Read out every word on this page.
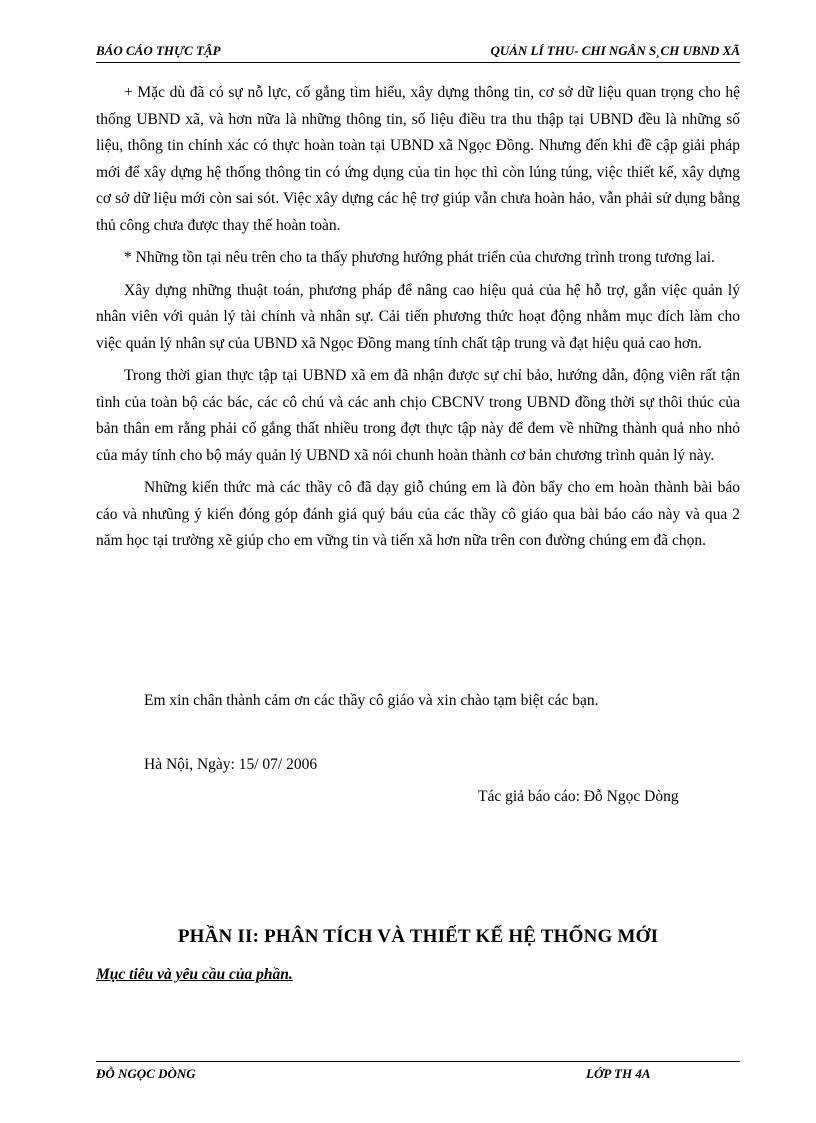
BÁO CÁO THỰC TẬP	QUẢN LÍ THU- CHI NGÂN S¸CH UBND XÃ

+ Mặc dù đã có sự nỗ lực, cố gắng tìm hiểu, xây dựng thông tin, cơ sở dữ liệu quan trọng cho hệ thống UBND xã, và hơn nữa là những thông tin, số liệu điều tra thu thập tại UBND đều là những số liệu, thông tin chính xác có thực hoàn toàn tại UBND xã Ngọc Đồng. Nhưng đến khi đề cập giải pháp mới để xây dựng hệ thống thông tin có ứng dụng của tin học thì còn lúng túng, việc thiết kế, xây dựng cơ sở dữ liệu mới còn sai sót. Việc xây dựng các hệ trợ giúp vẫn chưa hoàn hảo, vẫn phải sử dụng bằng thủ công chưa được thay thế hoàn toàn.

* Những tồn tại nêu trên cho ta thấy phương hướng phát triển của chương trình trong tương lai.

Xây dựng những thuật toán, phương pháp để nâng cao hiệu quả của hệ hỗ trợ, gắn việc quản lý nhân viên với quản lý tài chính và nhân sự. Cải tiến phương thức hoạt động nhằm mục đích làm cho việc quản lý nhân sự của UBND xã Ngọc Đồng mang tính chất tập trung và đạt hiệu quả cao hơn.

Trong thời gian thực tập tại UBND xã em đã nhận được sự chỉ bảo, hướng dẫn, động viên rất tận tình của toàn bộ các bác, các cô chú và các anh chịo CBCNV trong UBND đồng thời sự thôi thúc của bản thân em rằng phải cố gắng thất nhiều trong đợt thực tập này để đem về những thành quả nho nhỏ của máy tính cho bộ máy quản lý UBND xã nói chunh hoàn thành cơ bản chương trình quản lý này.

Những kiến thức mà các thầy cô đã dạy giỗ chúng em là đòn bẩy cho em hoàn thành bài báo cáo và nhưũng ý kiến đóng góp đánh giá quý báu của các thầy cô giáo qua bài báo cáo này và qua 2 năm học tại trường xẽ giúp cho em vững tin và tiến xã hơn nữa trên con đường chúng em đã chọn.

Em xin chân thành cảm ơn các thầy cô giáo và xin chào tạm biệt các bạn.
Hà Nội, Ngày: 15/ 07/ 2006
Tác giả báo cáo: Đỗ Ngọc Dòng
PHẦN II: PHÂN TÍCH VÀ THIẾT KẾ HỆ THỐNG MỚI
Mục tiêu và yêu cầu của phần.
ĐỖ NGỌC DÒNG	LỚP TH 4A
